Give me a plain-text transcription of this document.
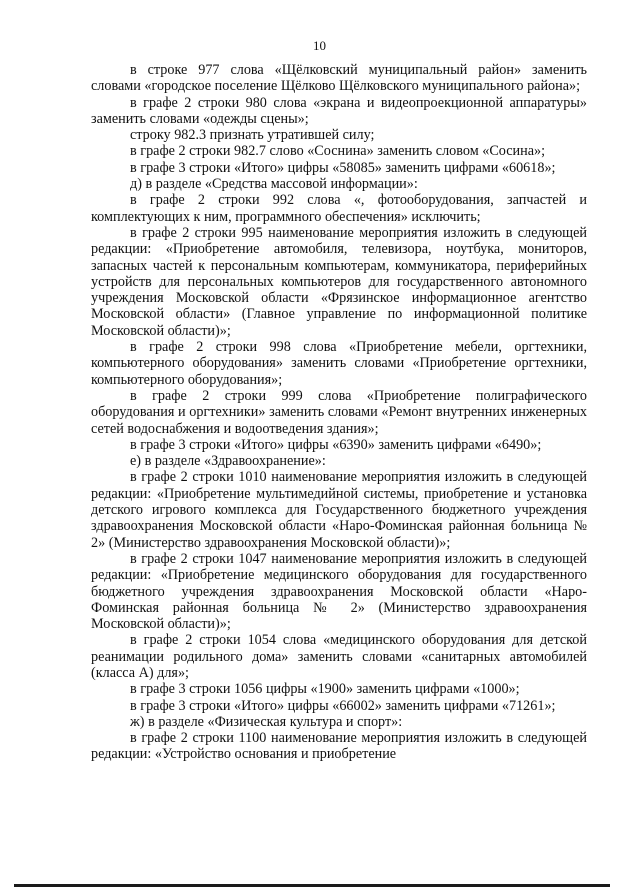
10

в строке 977 слова «Щёлковский муниципальный район» заменить словами «городское поселение Щёлково Щёлковского муниципального района»;

в графе 2 строки 980 слова «экрана и видеопроекционной аппаратуры» заменить словами «одежды сцены»;

строку 982.3 признать утратившей силу;

в графе 2 строки 982.7 слово «Соснина» заменить словом «Сосина»;

в графе 3 строки «Итого» цифры «58085» заменить цифрами «60618»;

д) в разделе «Средства массовой информации»:

в графе 2 строки 992 слова «, фотооборудования, запчастей и комплектующих к ним, программного обеспечения» исключить;

в графе 2 строки 995 наименование мероприятия изложить в следующей редакции: «Приобретение автомобиля, телевизора, ноутбука, мониторов, запасных частей к персональным компьютерам, коммуникатора, периферийных устройств для персональных компьютеров для государственного автономного учреждения Московской области «Фрязинское информационное агентство Московской области» (Главное управление по информационной политике Московской области)»;

в графе 2 строки 998 слова «Приобретение мебели, оргтехники, компьютерного оборудования» заменить словами «Приобретение оргтехники, компьютерного оборудования»;

в графе 2 строки 999 слова «Приобретение полиграфического оборудования и оргтехники» заменить словами «Ремонт внутренних инженерных сетей водоснабжения и водоотведения здания»;

в графе 3 строки «Итого» цифры «6390» заменить цифрами «6490»;

е) в разделе «Здравоохранение»:

в графе 2 строки 1010 наименование мероприятия изложить в следующей редакции: «Приобретение мультимедийной системы, приобретение и установка детского игрового комплекса для Государственного бюджетного учреждения здравоохранения Московской области «Наро-Фоминская районная больница № 2» (Министерство здравоохранения Московской области)»;

в графе 2 строки 1047 наименование мероприятия изложить в следующей редакции: «Приобретение медицинского оборудования для государственного бюджетного учреждения здравоохранения Московской области «Наро-Фоминская районная больница № 2» (Министерство здравоохранения Московской области)»;

в графе 2 строки 1054 слова «медицинского оборудования для детской реанимации родильного дома» заменить словами «санитарных автомобилей (класса А) для»;

в графе 3 строки 1056 цифры «1900» заменить цифрами «1000»;

в графе 3 строки «Итого» цифры «66002» заменить цифрами «71261»;

ж) в разделе «Физическая культура и спорт»:

в графе 2 строки 1100 наименование мероприятия изложить в следующей редакции: «Устройство основания и приобретение
